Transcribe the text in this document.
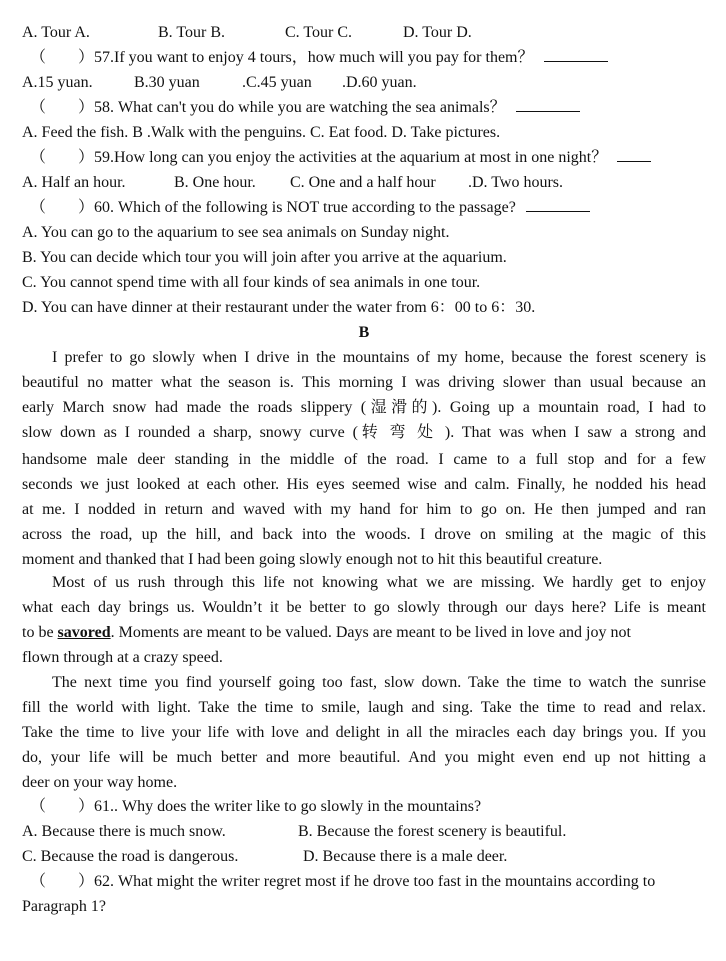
A. Tour A.	B. Tour B.	C. Tour C.	D. Tour D.
（　　）57.If you want to enjoy 4 tours，how much will you pay for them？
A.15 yuan.	B.30 yuan	.C.45 yuan .D.60 yuan.
（　　）58. What can't you do while you are watching the sea animals？
A. Feed the fish. B .Walk with the penguins. C. Eat food. D. Take pictures.
（　　）59.How long can you enjoy the activities at the aquarium at most in one night？
A. Half an hour.	B. One hour. C. One and a half hour .D. Two hours.
（　　）60. Which of the following is NOT true according to the passage?
A. You can go to the aquarium to see sea animals on Sunday night.
B. You can decide which tour you will join after you arrive at the aquarium.
C. You cannot spend time with all four kinds of sea animals in one tour.
D. You can have dinner at their restaurant under the water from 6：00 to 6：30.
B
I prefer to go slowly when I drive in the mountains of my home, because the forest scenery is
beautiful no matter what the season is. This morning I was driving slower than usual because an
early March snow had made the roads slippery (湿滑的). Going up a mountain road, I had to
slow down as I rounded a sharp, snowy curve (转 弯 处 ). That was when I saw a strong and
handsome male deer standing in the middle of the road. I came to a full stop and for a few
seconds we just looked at each other. His eyes seemed wise and calm. Finally, he nodded his head
at me. I nodded in return and waved with my hand for him to go on. He then jumped and ran
across the road, up the hill, and back into the woods. I drove on smiling at the magic of this
moment and thanked that I had been going slowly enough not to hit this beautiful creature.
Most of us rush through this life not knowing what we are missing. We hardly get to enjoy
what each day brings us. Wouldn’t it be better to go slowly through our days here? Life is meant
to be savored. Moments are meant to be valued. Days are meant to be lived in love and joy not
flown through at a crazy speed.
The next time you find yourself going too fast, slow down. Take the time to watch the sunrise
fill the world with light. Take the time to smile, laugh and sing. Take the time to read and relax.
Take the time to live your life with love and delight in all the miracles each day brings you. If you
do, your life will be much better and more beautiful. And you might even end up not hitting a
deer on your way home.
（　　）61.. Why does the writer like to go slowly in the mountains?
A. Because there is much snow.	B. Because the forest scenery is beautiful.
C. Because the road is dangerous.	D. Because there is a male deer.
（　　）62. What might the writer regret most if he drove too fast in the mountains according to
Paragraph 1?
